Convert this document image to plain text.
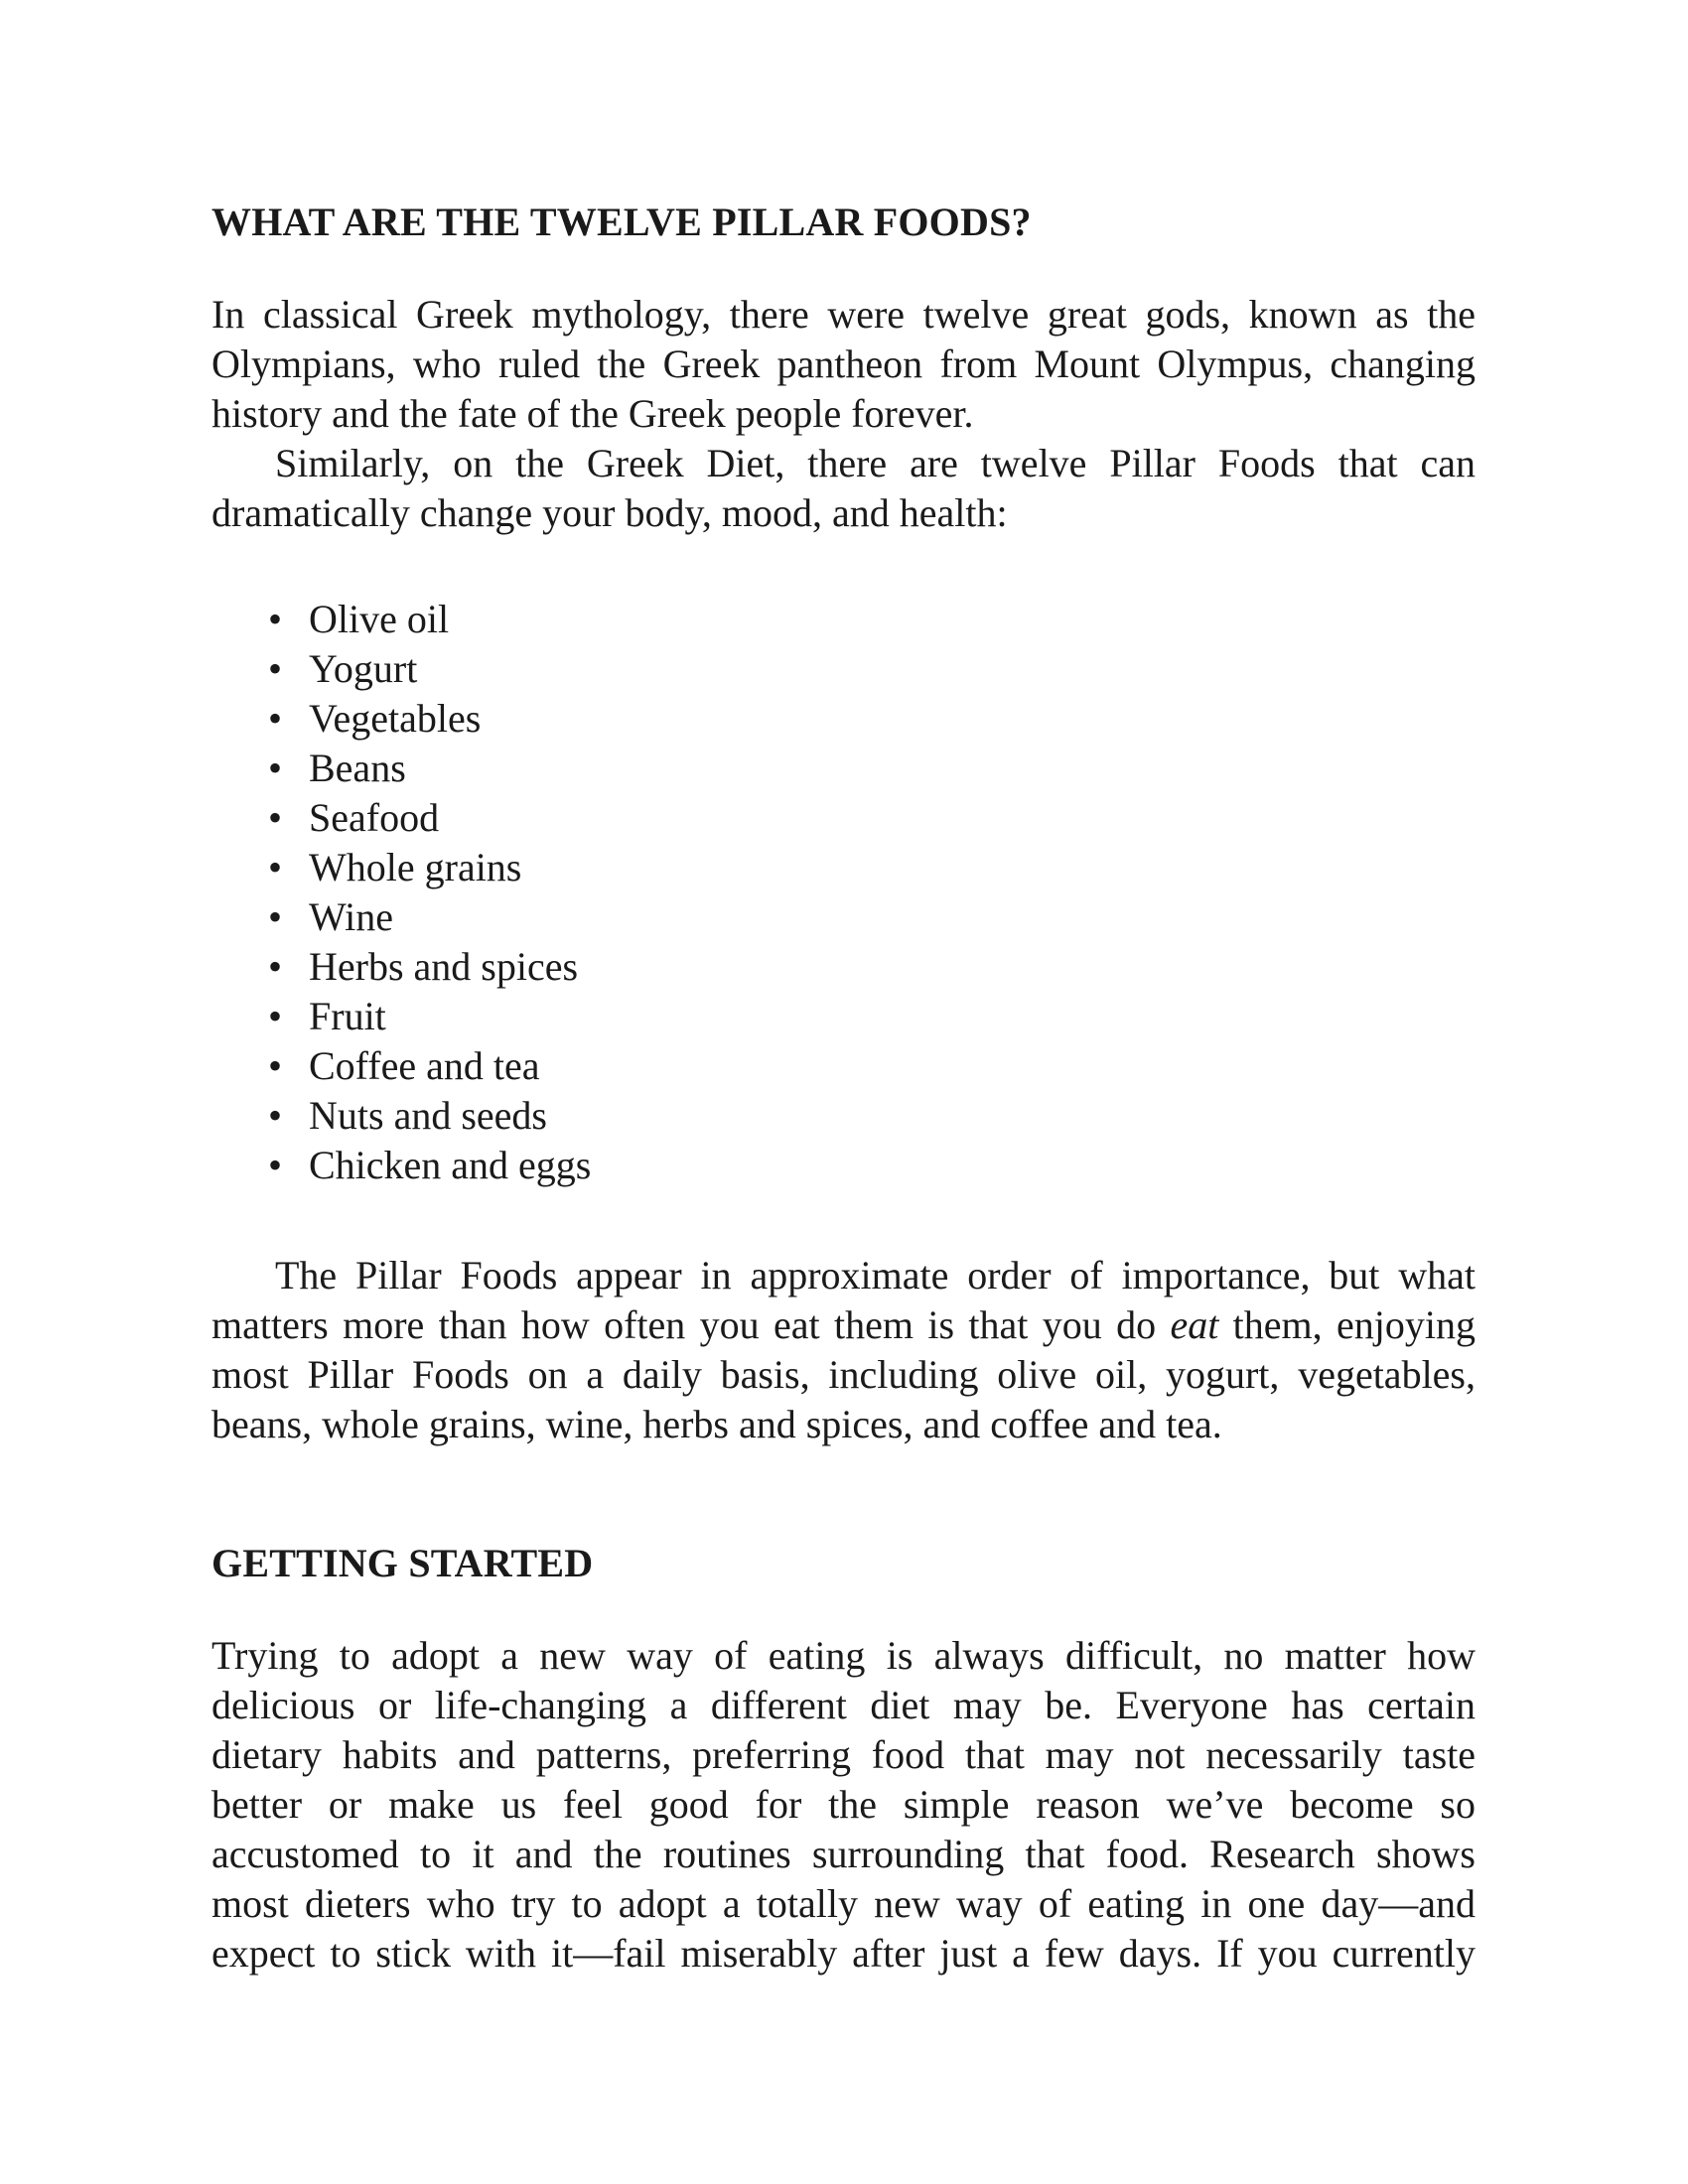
WHAT ARE THE TWELVE PILLAR FOODS?

In classical Greek mythology, there were twelve great gods, known as the
Olympians, who ruled the Greek pantheon from Mount Olympus, changing
history and the fate of the Greek people forever.

Similarly, on the Greek Diet, there are twelve Pillar Foods that can
dramatically change your body, mood, and health:

•Olive oil
•Yogurt
•Vegetables
•Beans
•Seafood
•Whole grains
•Wine
•Herbs and spices
•Fruit
•Coffee and tea
•Nuts and seeds
•Chicken and eggs

The Pillar Foods appear in approximate order of importance, but what
matters more than how often you eat them is that you do eat them, enjoying
most Pillar Foods on a daily basis, including olive oil, yogurt, vegetables,
beans, whole grains, wine, herbs and spices, and coffee and tea.

GETTING STARTED

Trying to adopt a new way of eating is always difficult, no matter how
delicious or life-changing a different diet may be. Everyone has certain
dietary habits and patterns, preferring food that may not necessarily taste
better or make us feel good for the simple reason we’ve become so
accustomed to it and the routines surrounding that food. Research shows
most dieters who try to adopt a totally new way of eating in one day—and
expect to stick with it—fail miserably after just a few days. If you currently
